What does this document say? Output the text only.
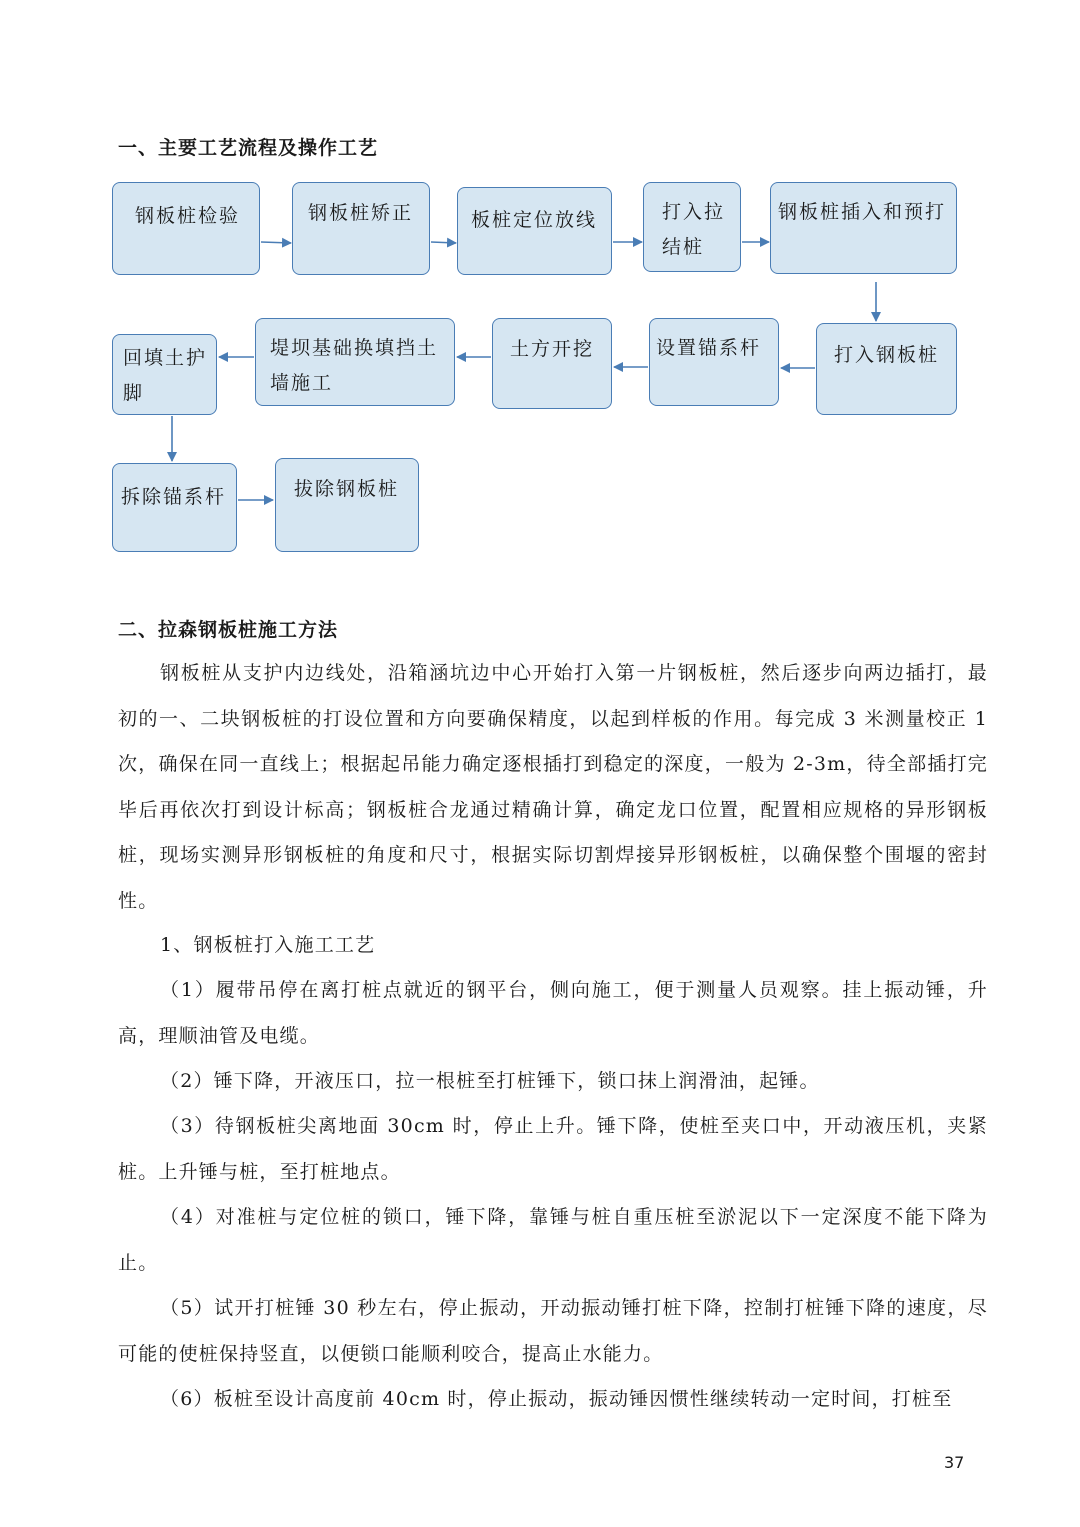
一、主要工艺流程及操作工艺
钢板桩检验	钢板桩矫正	板桩定位放线	打入拉
结桩
钢板桩插入和预打
打入钢板桩
设置锚系杆
土方开挖
堤坝基础换填挡土
墙施工
回填土护
脚
拆除锚系杆	拔除钢板桩
二、拉森钢板桩施工方法
钢板桩从支护内边线处，沿箱涵坑边中心开始打入第一片钢板桩，然后逐步向两边插打，最初的一、二块钢板桩的打设位置和方向要确保精度，以起到样板的作用。每完成 3 米测量校正 1 次，确保在同一直线上；根据起吊能力确定逐根插打到稳定的深度，一般为 2-3m，待全部插打完毕后再依次打到设计标高；钢板桩合龙通过精确计算，确定龙口位置，配置相应规格的异形钢板桩，现场实测异形钢板桩的角度和尺寸，根据实际切割焊接异形钢板桩，以确保整个围堰的密封性。
1、钢板桩打入施工工艺
（1）履带吊停在离打桩点就近的钢平台，侧向施工，便于测量人员观察。挂上振动锤，升高，理顺油管及电缆。
（2）锤下降，开液压口，拉一根桩至打桩锤下，锁口抹上润滑油，起锤。
（3）待钢板桩尖离地面 30cm 时，停止上升。锤下降，使桩至夹口中，开动液压机，夹紧桩。上升锤与桩，至打桩地点。
（4）对准桩与定位桩的锁口，锤下降，靠锤与桩自重压桩至淤泥以下一定深度不能下降为止。
（5）试开打桩锤 30 秒左右，停止振动，开动振动锤打桩下降，控制打桩锤下降的速度，尽可能的使桩保持竖直，以便锁口能顺利咬合，提高止水能力。
（6）板桩至设计高度前 40cm 时，停止振动，振动锤因惯性继续转动一定时间，打桩至
37
